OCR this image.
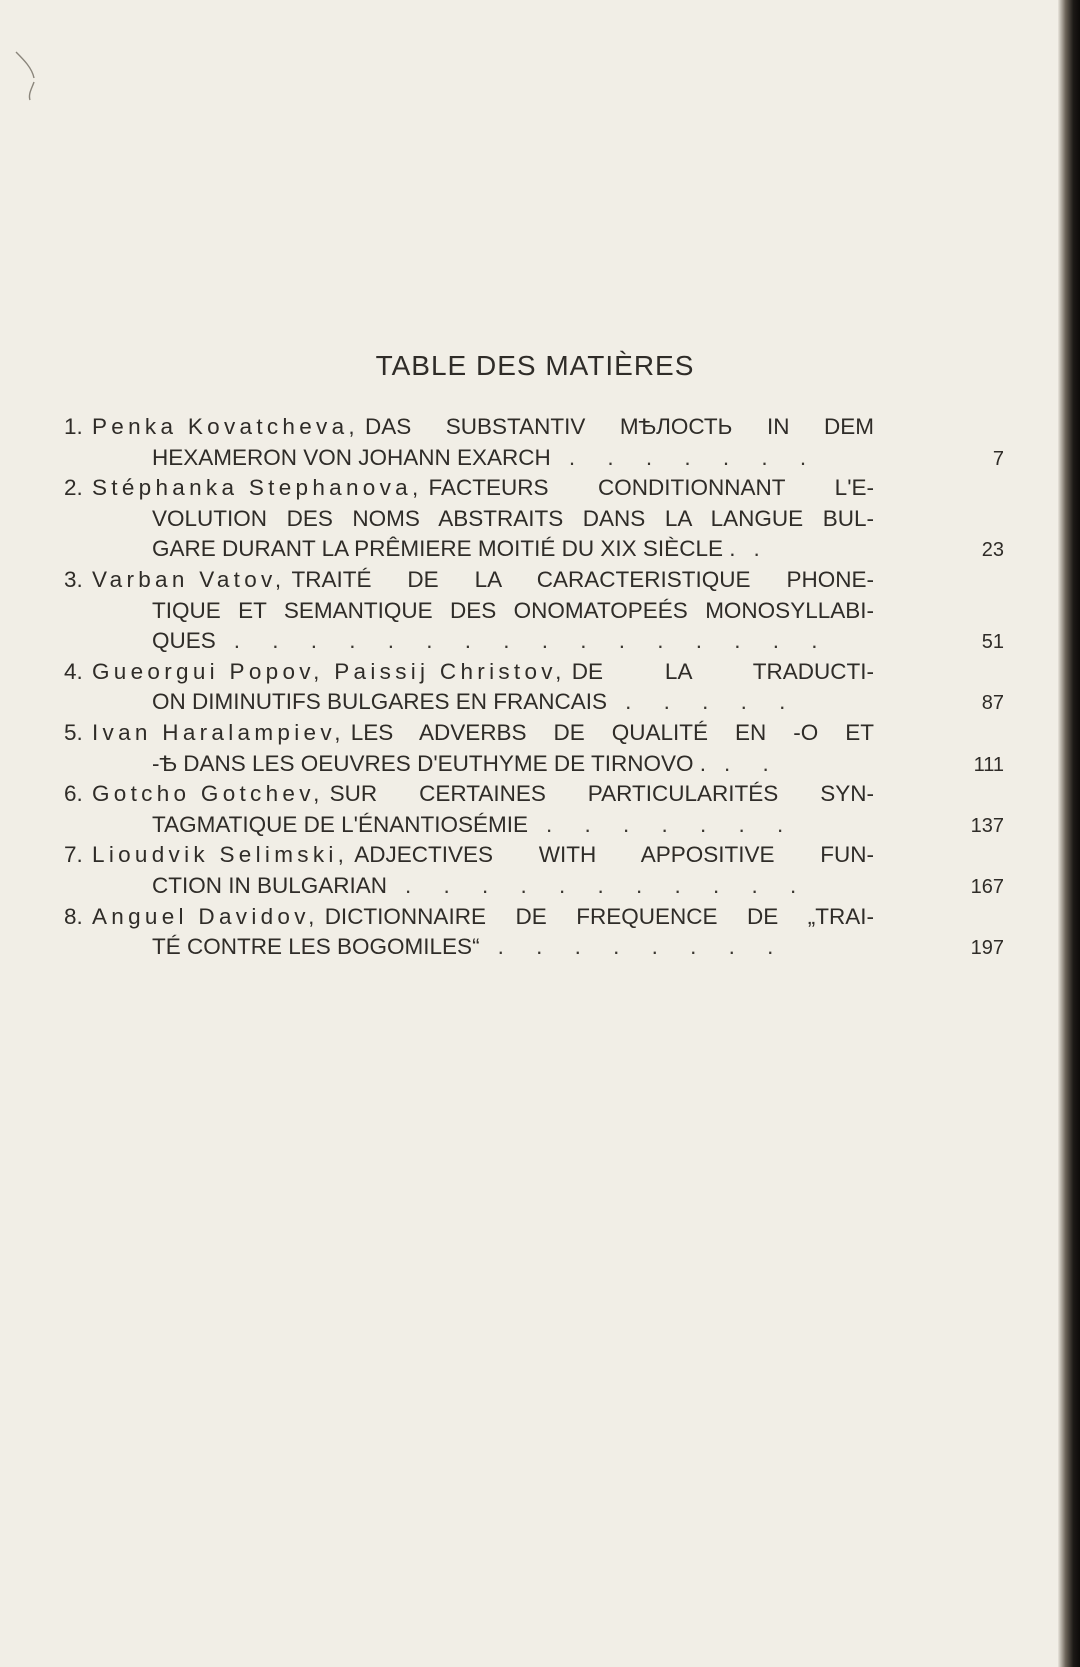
TABLE DES MATIÈRES
1. Penka Kovatcheva, DAS SUBSTANTIV МѢЛОСТЬ IN DEM
HEXAMERON VON JOHANN EXARCH . . . . . . .	7
2. Stéphanka Stephanova, FACTEURS CONDITIONNANT L'E-
VOLUTION DES NOMS ABSTRAITS DANS LA LANGUE BUL-
GARE DURANT LA PRÊMIERE MOITIÉ DU XIX SIÈCLE . .	23
3. Varban Vatov, TRAITÉ DE LA CARACTERISTIQUE PHONE-
TIQUE ET SEMANTIQUE DES ONOMATOPEÉS MONOSYLLABI-
QUES . . . . . . . . . . . . . . . .	51
4. Gueorgui Popov, Paissij Christov, DE LA TRADUCTI-
ON DIMINUTIFS BULGARES EN FRANCAIS . . . . .	87
5. Ivan Haralampiev, LES ADVERBS DE QUALITÉ EN -O ET
-Ѣ DANS LES OEUVRES D'EUTHYME DE TIRNOVO . . .	111
6. Gotcho Gotchev, SUR CERTAINES PARTICULARITÉS SYN-
TAGMATIQUE DE L'ÉNANTIOSÉMIE . . . . . . .	137
7. Lioudvik Selimski, ADJECTIVES WITH APPOSITIVE FUN-
CTION IN BULGARIAN . . . . . . . . . . .	167
8. Anguel Davidov, DICTIONNAIRE DE FREQUENCE DE „TRAI-
TÉ CONTRE LES BOGOMILES“ . . . . . . . .	197
